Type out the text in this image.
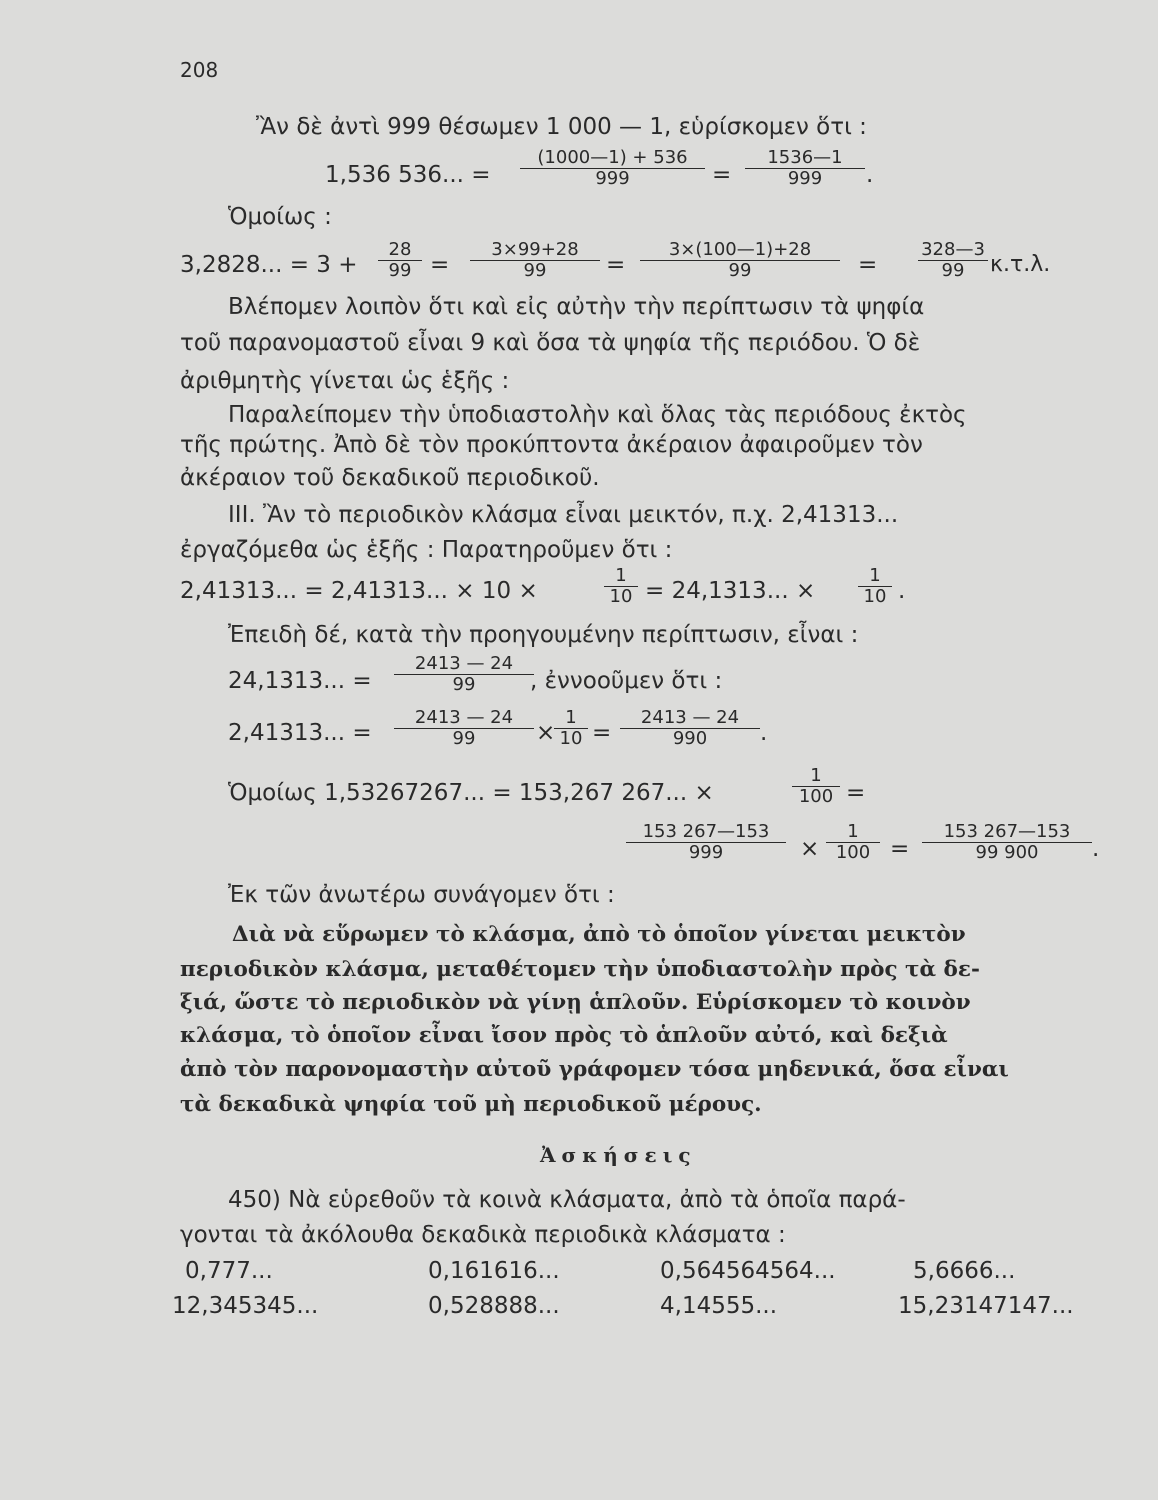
208
Ἂν δὲ ἀντὶ 999 θέσωμεν 1 000 — 1, εὑρίσκομεν ὅτι :
1,536 536... = $\frac{(1000—1) + 536}{999} = \frac{1536—1}{999}$ .
Ὁμοίως :
3,2828... = $3 + \frac{28}{99} = \frac{3\times 99+28}{99} = \frac{3\times(100—1)+28}{99} = \frac{328—3}{99} \kappa.\tau.\lambda$.
Βλέπομεν λοιπὸν ὅτι καὶ εἰς αὐτὴν τὴν περίπτωσιν τὰ ψηφία
τοῦ παρανομαστοῦ εἶναι 9 καὶ ὅσα τὰ ψηφία τῆς περιόδου. Ὁ δὲ
ἀριθμητὴς γίνεται ὡς ἑξῆς :
Παραλείπομεν τὴν ὑποδιαστολὴν καὶ ὅλας τὰς περιόδους ἐκτὸς
τῆς πρώτης. Ἀπὸ δὲ τὸν προκύπτοντα ἀκέραιον ἀφαιροῦμεν τὸν
ἀκέραιον τοῦ δεκαδικοῦ περιοδικοῦ.
III. Ἂν τὸ περιοδικὸν κλάσμα εἶναι μεικτόν, π.χ. 2,41313...
ἐργαζόμεθα ὡς ἑξῆς : Παρατηροῦμεν ὅτι :
2,41313... = 2,41313... × 10 ×	$\frac{1}{10} = 24,1313$... × $\frac{1}{10}$ .
Ἐπειδὴ δέ, κατὰ τὴν προηγουμένην περίπτωσιν, εἶναι :
24,1313... = $\frac{2413 — 24}{99}$
, ἐννοοῦμεν ὅτι :
2,41313... = $\frac{2413 — 24}{99}$ ×
$\frac{1}{10} = \frac{2413 — 24}{990}$ .
Ὁμοίως 1,53267267... = 153,267 267... ×	$\frac{1}{100}$ =
$\frac{153 267—153}{999} \times \frac{1}{100} = \frac{153 267—153}{99 900}$ .
Ἐκ τῶν ἀνωτέρω συνάγομεν ὅτι :
Διὰ νὰ εὕρωμεν τὸ κλάσμα, ἀπὸ τὸ ὁποῖον γίνεται μεικτὸν
περιοδικὸν κλάσμα, μεταθέτομεν τὴν ὑποδιαστολὴν πρὸς τὰ δε-
ξιά, ὥστε τὸ περιοδικὸν νὰ γίνῃ ἁπλοῦν. Εὑρίσκομεν τὸ κοινὸν
κλάσμα, τὸ ὁποῖον εἶναι ἴσον πρὸς τὸ ἁπλοῦν αὐτό, καὶ δεξιὰ
ἀπὸ τὸν παρονομαστὴν αὐτοῦ γράφομεν τόσα μηδενικά, ὅσα εἶναι
τὰ δεκαδικὰ ψηφία τοῦ μὴ περιοδικοῦ μέρους.
Ἀσκήσεις
450) Νὰ εὑρεθοῦν τὰ κοινὰ κλάσματα, ἀπὸ τὰ ὁποῖα παρά-
γονται τὰ ἀκόλουθα δεκαδικὰ περιοδικὰ κλάσματα :
0,777...	0,161616...	0,564564564...	5,6666...
12,345345...	0,528888...	4,14555...	15,23147147...
